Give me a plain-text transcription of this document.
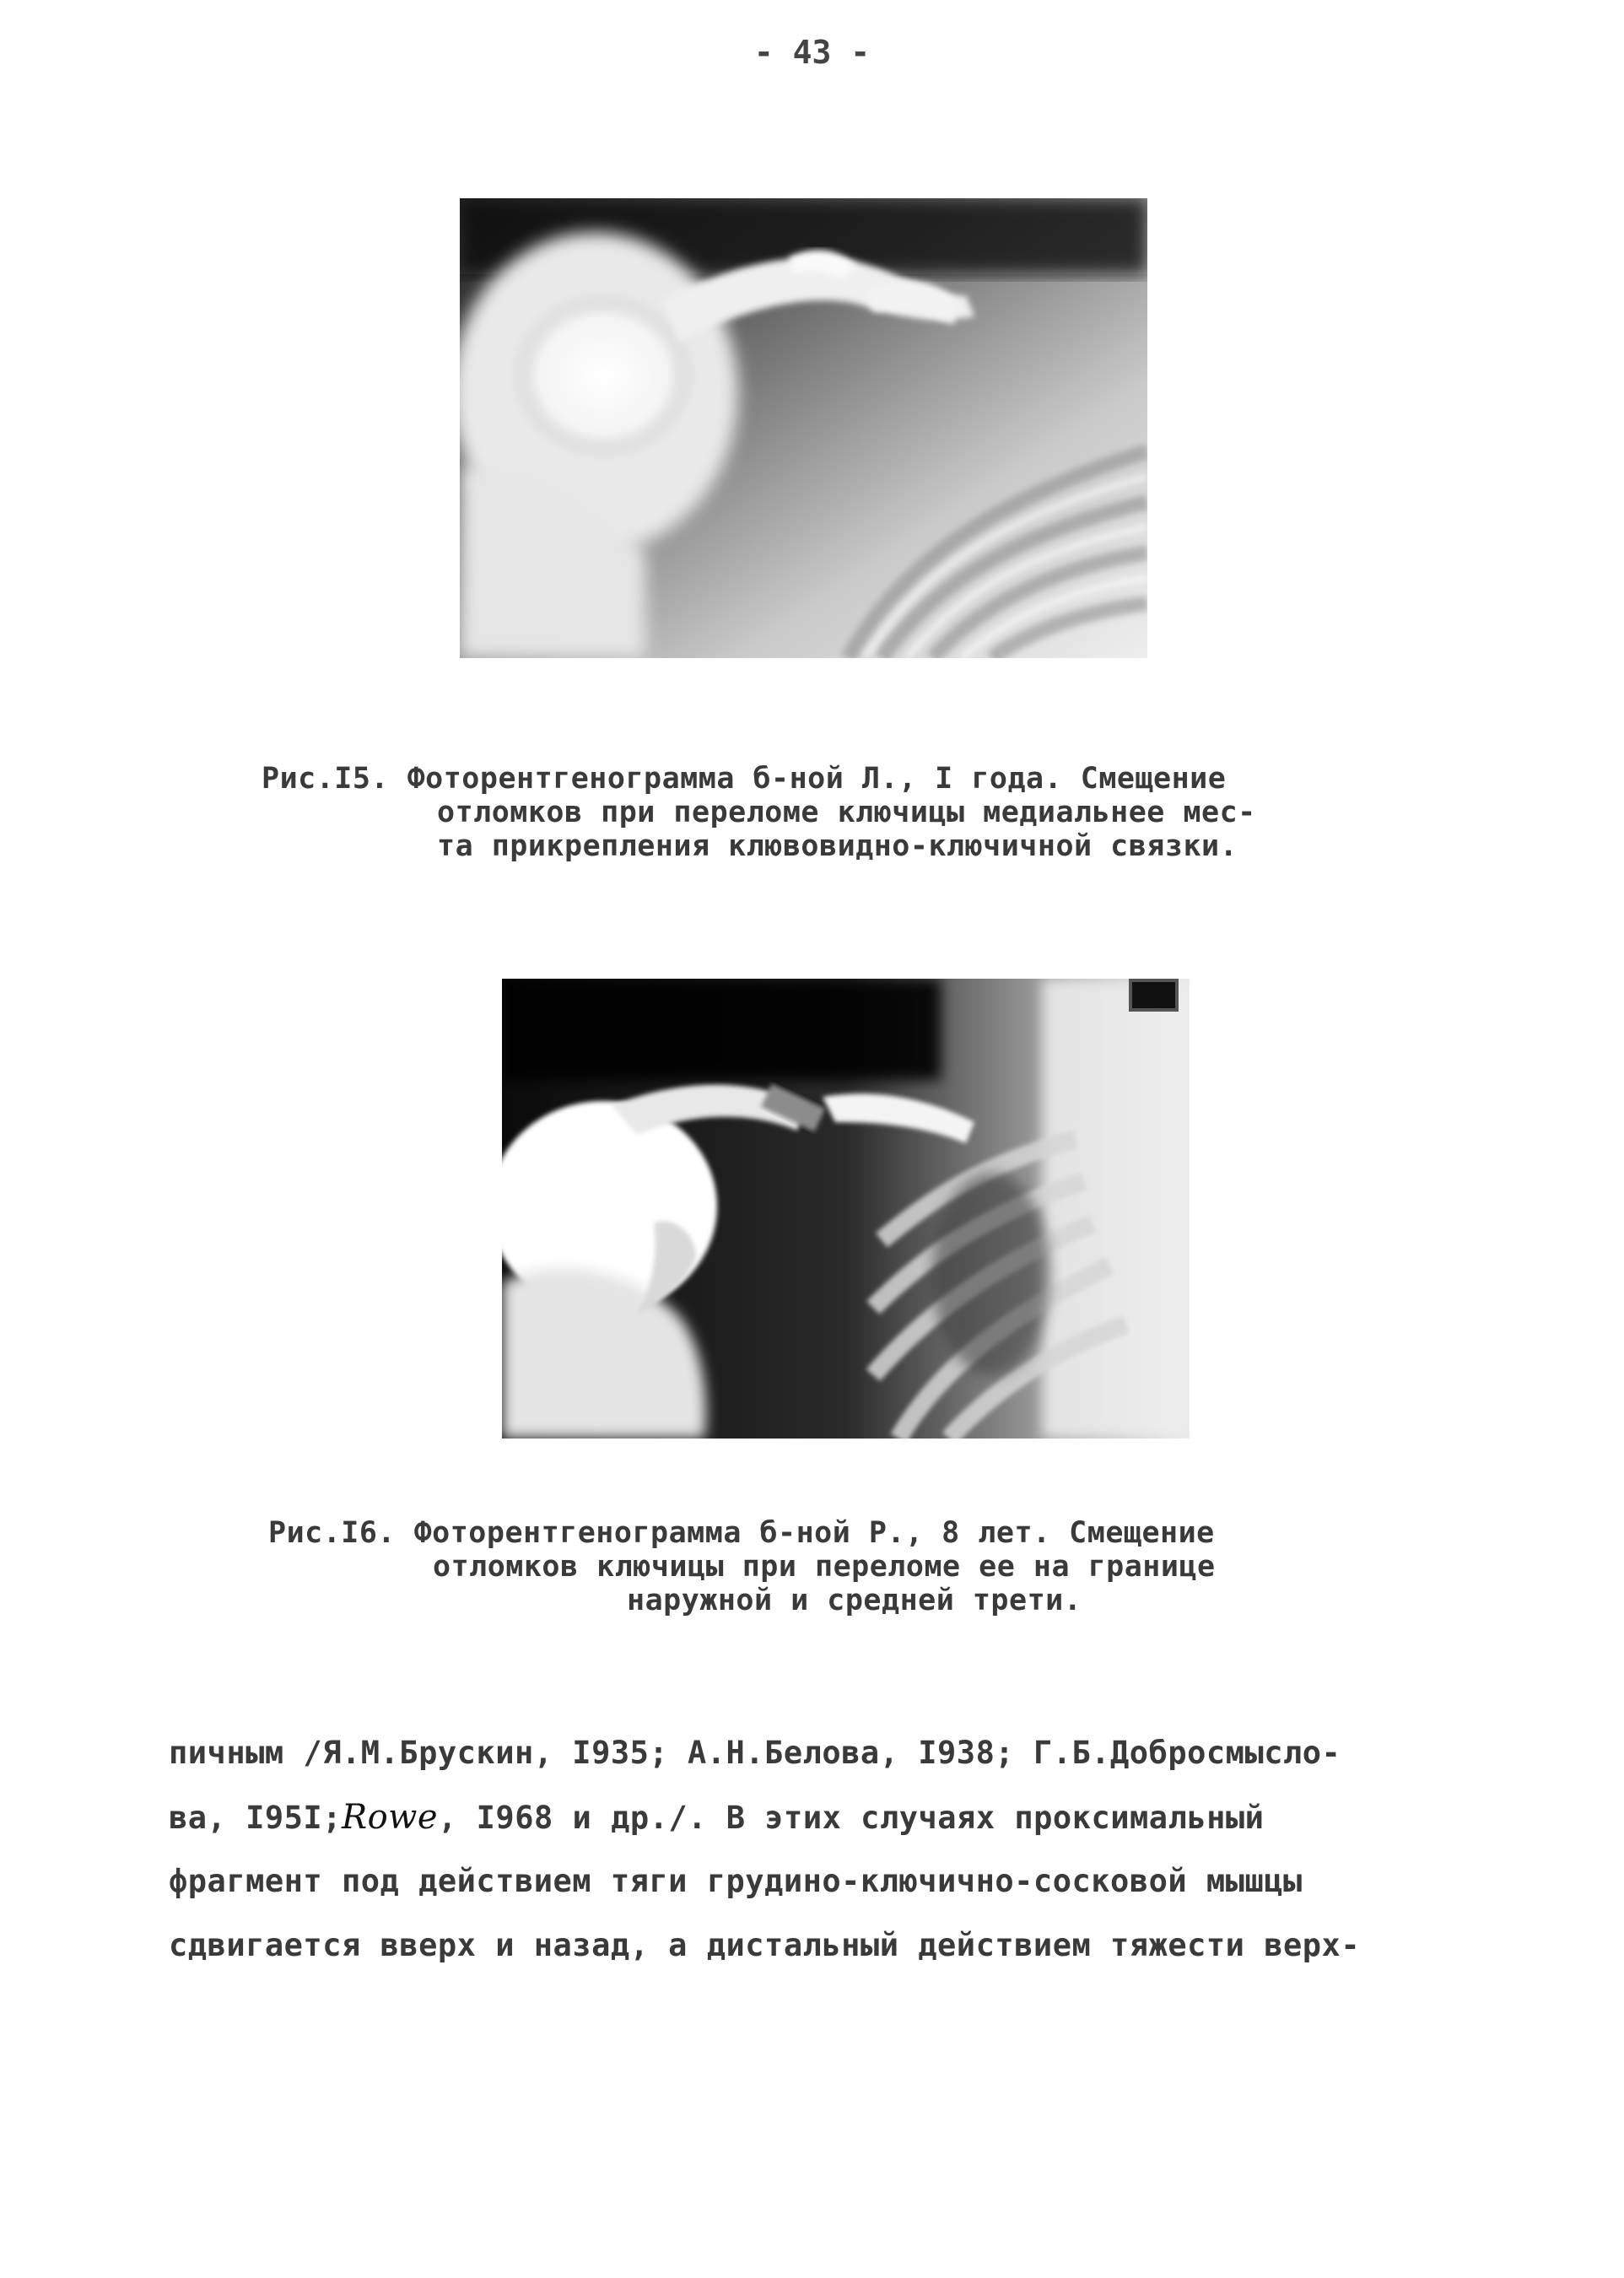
- 43 -
Рис.I5. Фоторентгенограмма б-ной Л., I года. Смещение
отломков при переломе ключицы медиальнее мес-
та прикрепления клювовидно-ключичной связки.
Рис.I6. Фоторентгенограмма б-ной Р., 8 лет. Смещение
отломков ключицы при переломе ее на границе
наружной и средней трети.
пичным /Я.М.Брускин, I935; А.Н.Белова, I938; Г.Б.Добросмысло-
ва, I95I;Rowe, I968 и др./. В этих случаях проксимальный
фрагмент под действием тяги грудино-ключично-сосковой мышцы
сдвигается вверх и назад, а дистальный действием тяжести верх-
